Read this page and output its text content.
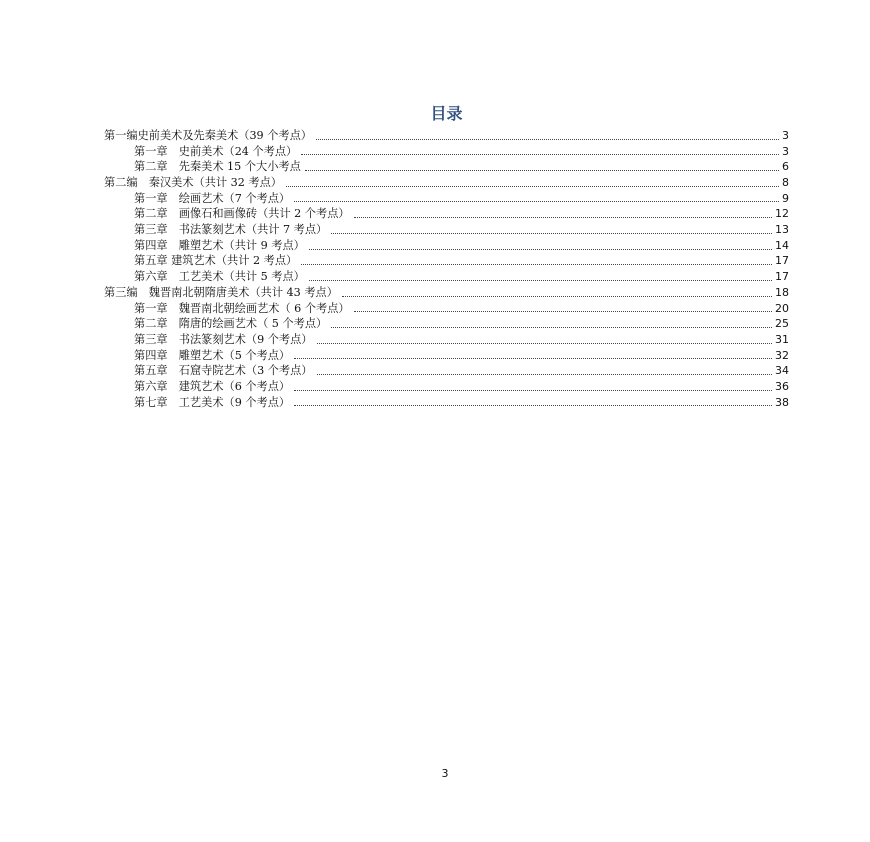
目录
第一编史前美术及先秦美术（39 个考点）	3
第一章　史前美术（24 个考点）	3
第二章　先秦美术 15 个大小考点	6
第二编　秦汉美术（共计 32 考点）	8
第一章　绘画艺术（7 个考点）	9
第二章　画像石和画像砖（共计 2 个考点）	12
第三章　书法篆刻艺术（共计 7 考点）	13
第四章　雕塑艺术（共计 9 考点）	14
第五章 建筑艺术（共计 2 考点）	17
第六章　工艺美术（共计 5 考点）	17
第三编　魏晋南北朝隋唐美术（共计 43 考点）	18
第一章　魏晋南北朝绘画艺术（ 6 个考点）	20
第二章　隋唐的绘画艺术（ 5 个考点）	25
第三章　书法篆刻艺术（9 个考点）	31
第四章　雕塑艺术（5 个考点）	32
第五章　石窟寺院艺术（3 个考点）	34
第六章　建筑艺术（6 个考点）	36
第七章　工艺美术（9 个考点）	38
3
